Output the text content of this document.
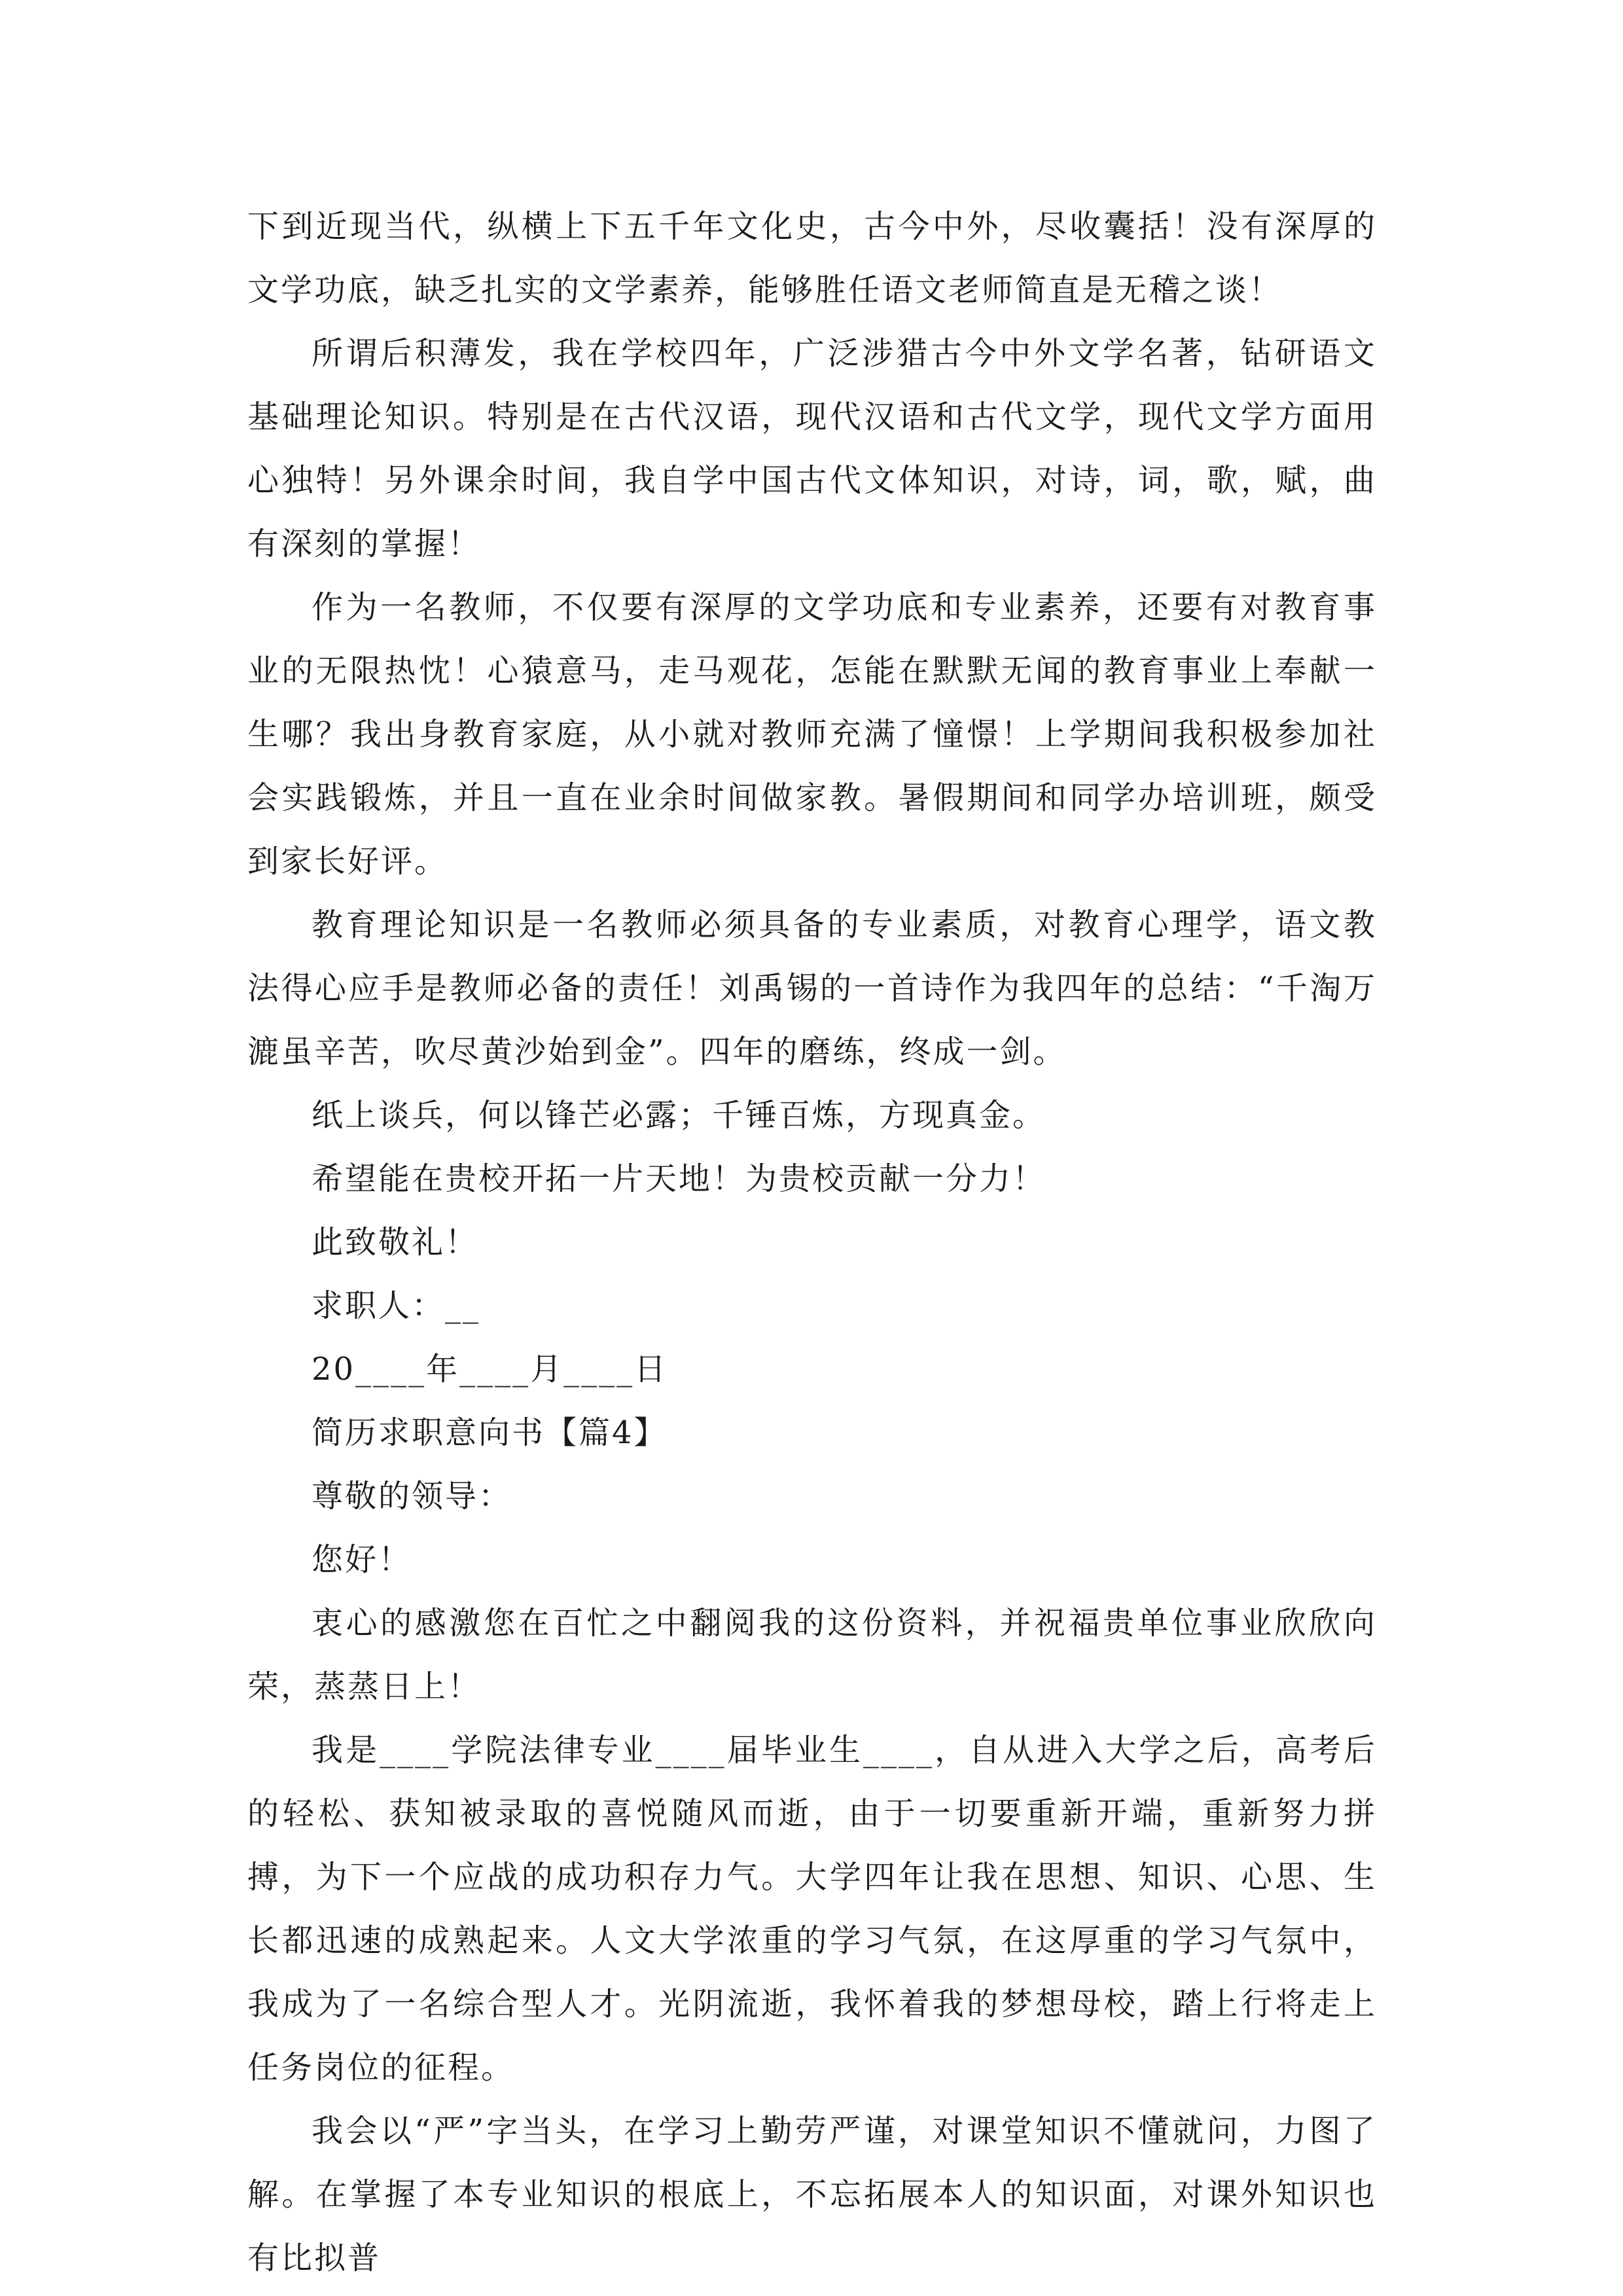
下到近现当代，纵横上下五千年文化史，古今中外，尽收囊括！没有深厚的文学功底，缺乏扎实的文学素养，能够胜任语文老师简直是无稽之谈！

所谓后积薄发，我在学校四年，广泛涉猎古今中外文学名著，钻研语文基础理论知识。特别是在古代汉语，现代汉语和古代文学，现代文学方面用心独特！另外课余时间，我自学中国古代文体知识，对诗，词，歌，赋，曲有深刻的掌握！

作为一名教师，不仅要有深厚的文学功底和专业素养，还要有对教育事业的无限热忱！心猿意马，走马观花，怎能在默默无闻的教育事业上奉献一生哪？我出身教育家庭，从小就对教师充满了憧憬！上学期间我积极参加社会实践锻炼，并且一直在业余时间做家教。暑假期间和同学办培训班，颇受到家长好评。

教育理论知识是一名教师必须具备的专业素质，对教育心理学，语文教法得心应手是教师必备的责任！刘禹锡的一首诗作为我四年的总结：“千淘万漉虽辛苦，吹尽黄沙始到金”。四年的磨练，终成一剑。

纸上谈兵，何以锋芒必露；千锤百炼，方现真金。

希望能在贵校开拓一片天地！为贵校贡献一分力！

此致敬礼！

求职人：__

20____年____月____日

简历求职意向书【篇4】

尊敬的领导：

您好！

衷心的感激您在百忙之中翻阅我的这份资料，并祝福贵单位事业欣欣向荣，蒸蒸日上！

我是____学院法律专业____届毕业生____，自从进入大学之后，高考后的轻松、获知被录取的喜悦随风而逝，由于一切要重新开端，重新努力拼搏，为下一个应战的成功积存力气。大学四年让我在思想、知识、心思、生长都迅速的成熟起来。人文大学浓重的学习气氛，在这厚重的学习气氛中，我成为了一名综合型人才。光阴流逝，我怀着我的梦想母校，踏上行将走上任务岗位的征程。

我会以“严”字当头，在学习上勤劳严谨，对课堂知识不懂就问，力图了解。在掌握了本专业知识的根底上，不忘拓展本人的知识面，对课外知识也有比拟普
